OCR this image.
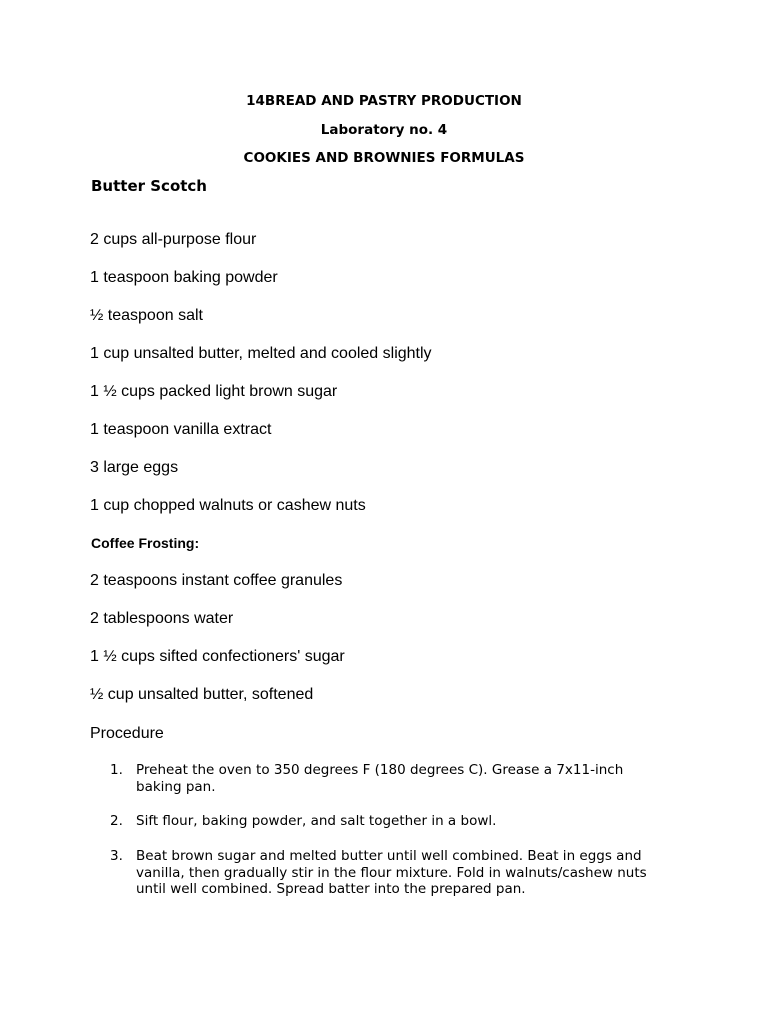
14BREAD AND PASTRY PRODUCTION
Laboratory no. 4
COOKIES AND BROWNIES FORMULAS
Butter Scotch
2 cups all-purpose flour
1 teaspoon baking powder
½ teaspoon salt
1 cup unsalted butter, melted and cooled slightly
1 ½ cups packed light brown sugar
1 teaspoon vanilla extract
3 large eggs
1 cup chopped walnuts or cashew nuts
Coffee Frosting:
2 teaspoons instant coffee granules
2 tablespoons water
1 ½ cups sifted confectioners' sugar
½ cup unsalted butter, softened
Procedure
1. Preheat the oven to 350 degrees F (180 degrees C). Grease a 7x11-inch baking pan.
2. Sift flour, baking powder, and salt together in a bowl.
3. Beat brown sugar and melted butter until well combined. Beat in eggs and vanilla, then gradually stir in the flour mixture. Fold in walnuts/cashew nuts until well combined. Spread batter into the prepared pan.
